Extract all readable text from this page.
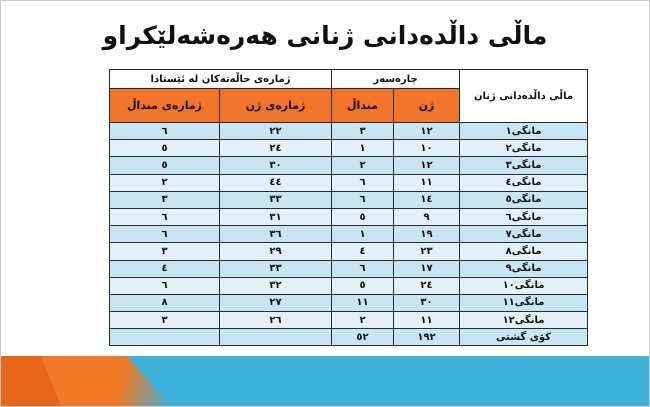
ماڵی داڵدەدانی ژنانی هەرەشەلێکراو
ماڵی داڵدەدانی ژنان	چارەسەر		ژمارەی حاڵەتەکان لە ئێستادا	
	ژن	منداڵ	ژمارەی ژن	ژمارەی منداڵ
مانگی١	١٢	٣	٢٢	٦
مانگی٢	١٠	١	٢٤	٥
مانگی٣	١٢	٢	٣٠	٥
مانگی٤	١١	٦	٤٤	٢
مانگی٥	١٤	٦	٣٣	٣
مانگی٦	٩	٥	٣١	٦
مانگی٧	١٩	١	٣٦	٦
مانگی٨	٢٣	٤	٢٩	٣
مانگی٩	١٧	٦	٣٣	٤
مانگی١٠	٢٤	٥	٣٢	٦
مانگی١١	٣٠	١١	٢٧	٨
مانگی١٢	١١	٢	٢٦	٣
کۆی گشتی	١٩٢	٥٢		
